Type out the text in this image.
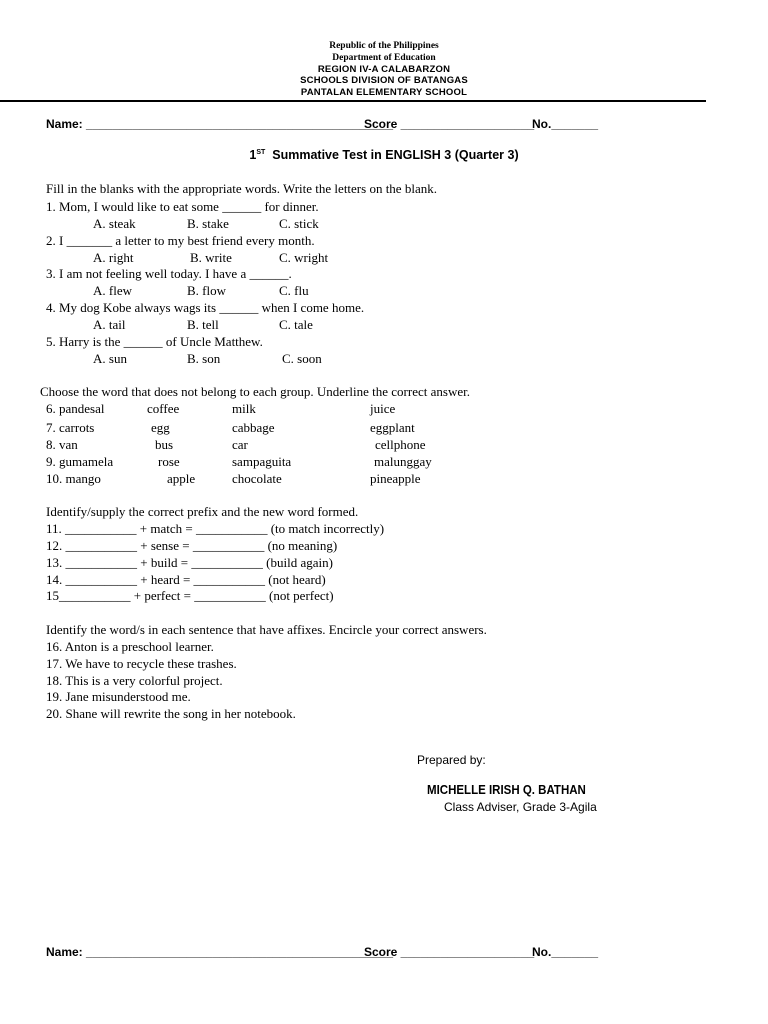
Republic of the Philippines
Department of Education
REGION IV-A CALABARZON
SCHOOLS DIVISION OF BATANGAS
PANTALAN ELEMENTARY SCHOOL
Name: ______________________________________________
Score ____________________
No._______
1ST Summative Test in ENGLISH 3 (Quarter 3)
Fill in the blanks with the appropriate words. Write the letters on the blank.
1. Mom, I would like to eat some ______ for dinner.
A. steak	B. stake	C. stick
2. I _______ a letter to my best friend every month.
A. right	B. write	C. wright
3. I am not feeling well today. I have a ______.
A. flew	B. flow	C. flu
4. My dog Kobe always wags its ______ when I come home.
A. tail	B. tell	C. tale
5. Harry is the ______ of Uncle Matthew.
A. sun	B. son	C. soon
Choose the word that does not belong to each group. Underline the correct answer.
6. pandesal	coffee	milk	juice
7. carrots	egg	cabbage	eggplant
8. van	bus	car	cellphone
9. gumamela	rose	sampaguita	malunggay
10. mango	apple	chocolate	pineapple
Identify/supply the correct prefix and the new word formed.
11. ___________ + match = ___________ (to match incorrectly)
12. ___________ + sense = ___________ (no meaning)
13. ___________ + build = ___________ (build again)
14. ___________ + heard = ___________ (not heard)
15___________ + perfect = ___________ (not perfect)
Identify the word/s in each sentence that have affixes. Encircle your correct answers.
16. Anton is a preschool learner.
17. We have to recycle these trashes.
18. This is a very colorful project.
19. Jane misunderstood me.
20. Shane will rewrite the song in her notebook.
Prepared by:
MICHELLE IRISH Q. BATHAN
Class Adviser, Grade 3-Agila
Name: ______________________________________________
Score ____________________
No._______
